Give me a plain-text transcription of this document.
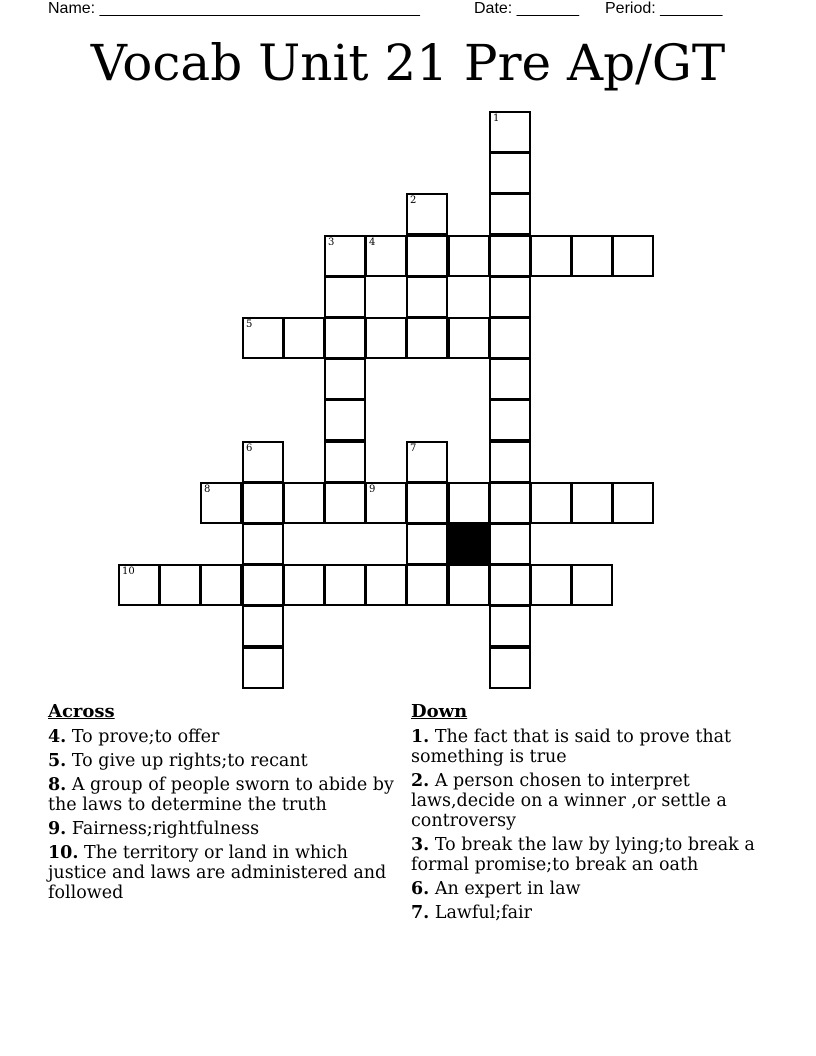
Name: ____________________________________	Date: _______ Period: _______
Vocab Unit 21 Pre Ap/GT
1
2
3	4
5
6	7
8	9
10
Across
4. To prove;to offer
5. To give up rights;to recant
8. A group of people sworn to abide by the laws to determine the truth
9. Fairness;rightfulness
10. The territory or land in which justice and laws are administered and followed
Down
1. The fact that is said to prove that something is true
2. A person chosen to interpret laws,decide on a winner ,or settle a controversy
3. To break the law by lying;to break a formal promise;to break an oath
6. An expert in law
7. Lawful;fair
